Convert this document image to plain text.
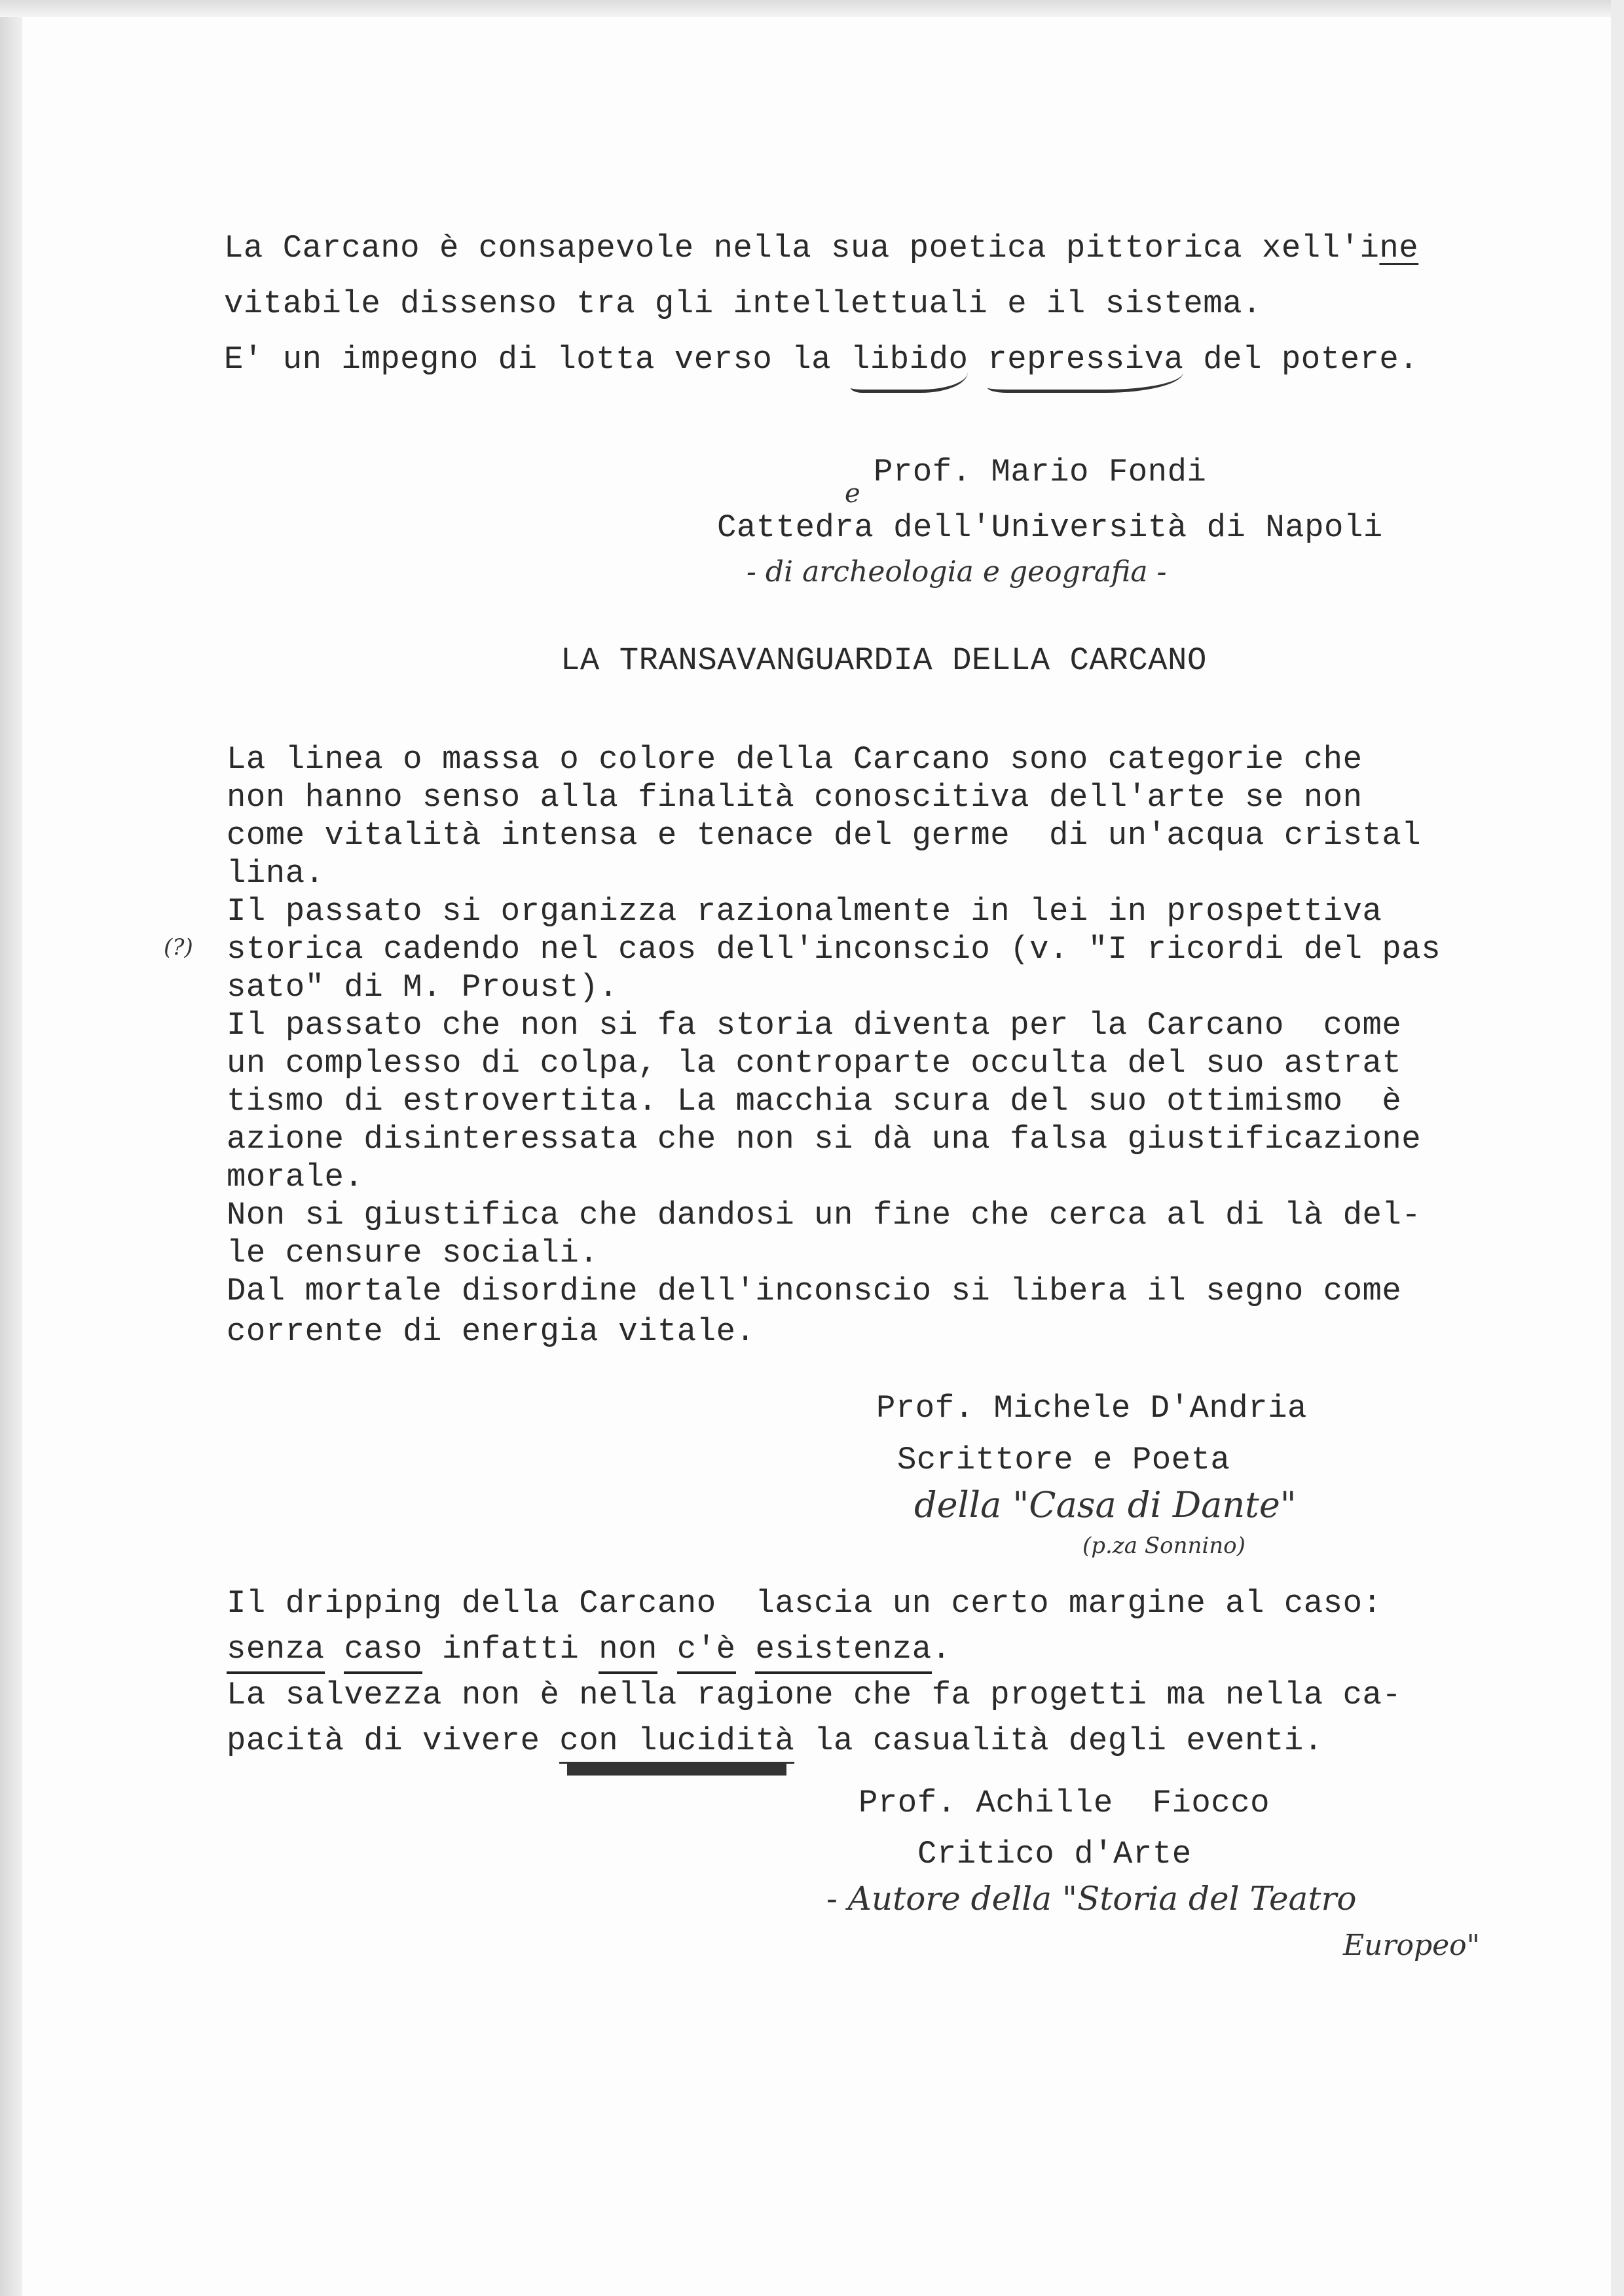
La Carcano è consapevole nella sua poetica pittorica xell'ine
vitabile dissenso tra gli intellettuali e il sistema.
E' un impegno di lotta verso la libido repressiva del potere.
Prof. Mario Fondi
Cattedra dell'Università di Napoli
e
- di archeologia e geografia -
LA TRANSAVANGUARDIA DELLA CARCANO
La linea o massa o colore della Carcano sono categorie che
non hanno senso alla finalità conoscitiva dell'arte se non
come vitalità intensa e tenace del germe  di un'acqua cristal
lina.
Il passato si organizza razionalmente in lei in prospettiva
storica cadendo nel caos dell'inconscio (v. "I ricordi del pas
sato" di M. Proust).
Il passato che non si fa storia diventa per la Carcano  come
un complesso di colpa, la controparte occulta del suo astrat
tismo di estrovertita. La macchia scura del suo ottimismo  è
azione disinteressata che non si dà una falsa giustificazione
morale.
Non si giustifica che dandosi un fine che cerca al di là del-
le censure sociali.
Dal mortale disordine dell'inconscio si libera il segno come
corrente di energia vitale.
(?)
Prof. Michele D'Andria
Scrittore e Poeta
della "Casa di Dante"
(p.za Sonnino)
Il dripping della Carcano  lascia un certo margine al caso:
senza caso infatti non c'è esistenza.
La salvezza non è nella ragione che fa progetti ma nella ca-
pacità di vivere con lucidità la casualità degli eventi.
Prof. Achille  Fiocco
Critico d'Arte
- Autore della "Storia del Teatro
Europeo"
